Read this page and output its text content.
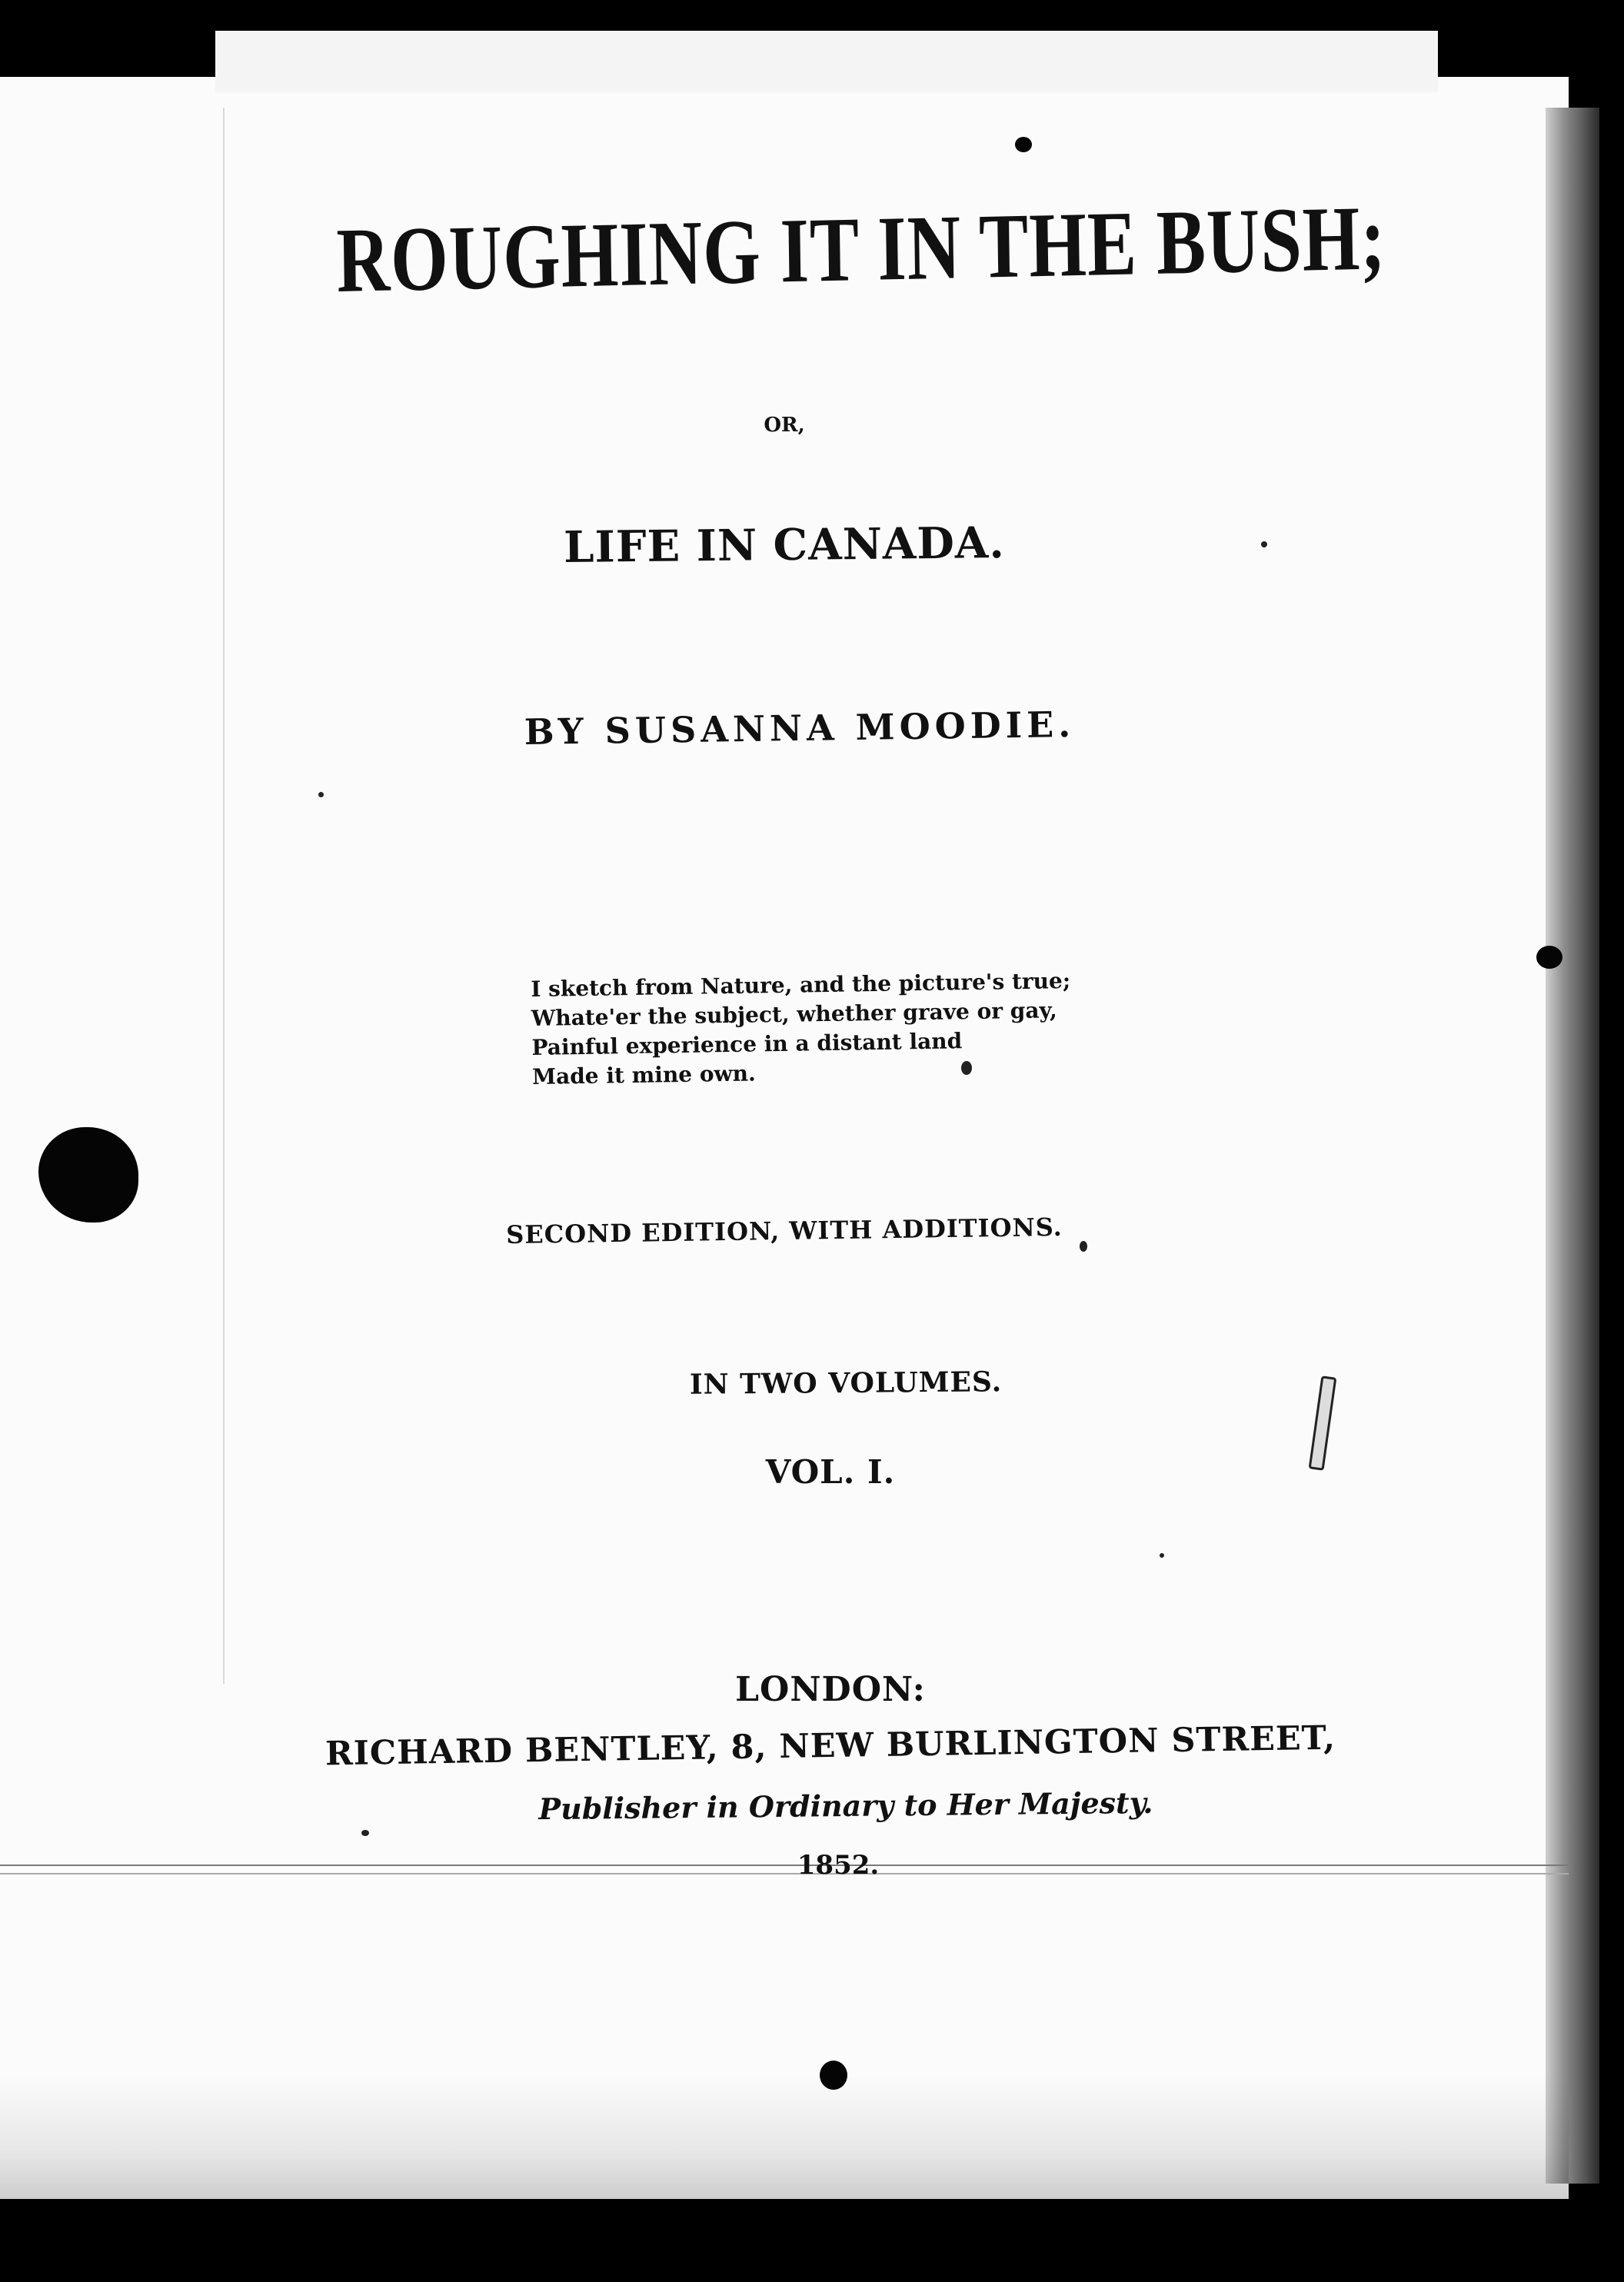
ROUGHING IT IN THE BUSH;
OR,
LIFE IN CANADA.
BY SUSANNA MOODIE.
I sketch from Nature, and the picture's true;
Whate'er the subject, whether grave or gay,
Painful experience in a distant land
Made it mine own.
SECOND EDITION, WITH ADDITIONS.
IN TWO VOLUMES.
VOL. I.
LONDON:
RICHARD BENTLEY, 8, NEW BURLINGTON STREET,
Publisher in Ordinary to Her Majesty.
1852.
